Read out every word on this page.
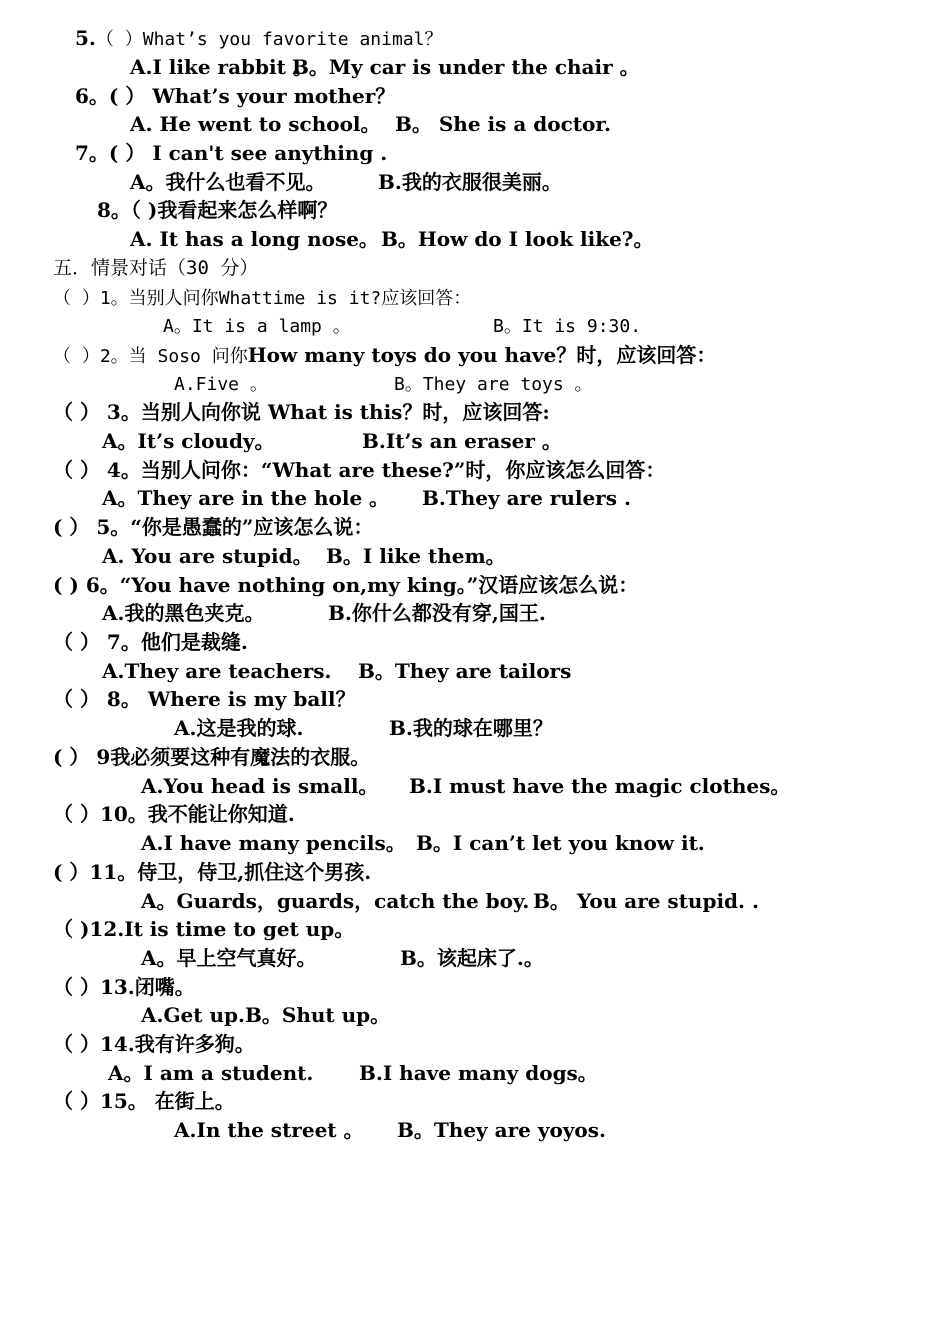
5.（ ）What’s you favorite animal？
A.I like rabbit 。
B。My car is under the chair 。
6。( ） What’s your mother？
A. He went to school。 B。 She is a doctor.
7。( ） I can't see anything .
A。我什么也看不见。	B.我的衣服很美丽。
8。（ )我看起来怎么样啊？
A. It has a long nose。 B。How do I look like?。
五．情景对话（30 分）
（ ）1。当别人问你Whattime is it?应该回答：
A。It is a lamp 。	B。It is 9:30.
（ ）2。当 Soso 问你How many toys do you have？时，应该回答：
A.Five 。	B。They are toys 。
（ ） 3。当别人向你说 What is this？时，应该回答:
A。It’s cloudy。	B.It’s an eraser 。
（ ） 4。当别人问你：“What are these?”时，你应该怎么回答：
A。They are in the hole 。 B.They are rulers .
( ） 5。“你是愚蠢的”应该怎么说：
A. You are stupid。 B。I like them。
( ) 6。“You have nothing on,my king。”汉语应该怎么说：
A.我的黑色夹克。	B.你什么都没有穿,国王.
（ ） 7。他们是裁缝.
A.They are teachers. B。They are tailors
（ ） 8。 Where is my ball？
A.这是我的球.	B.我的球在哪里？
( ） 9我必须要这种有魔法的衣服。
A.You head is small。 B.I must have the magic clothes。
（ ）10。我不能让你知道.
A.I have many pencils。 B。I can’t let you know it.
( ）11。侍卫，侍卫,抓住这个男孩.
A。Guards，guards，catch the boy. B。 You are stupid. .
（ )12.It is time to get up。
A。早上空气真好。	B。该起床了.。
（ ）13.闭嘴。
A.Get up.B。Shut up。
（ ）14.我有许多狗。
A。I am a student. B.I have many dogs。
（ ）15。 在街上。
A.In the street 。 B。They are yoyos.
